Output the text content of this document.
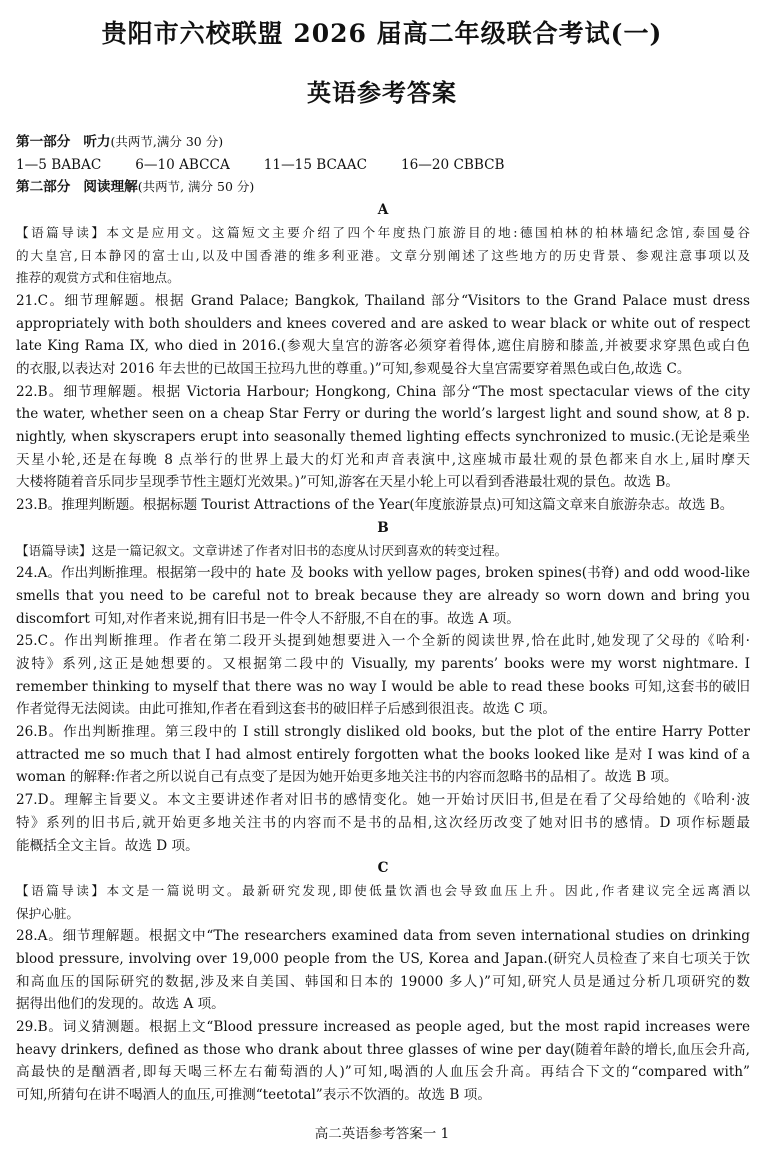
贵阳市六校联盟 2026 届高二年级联合考试(一)
英语参考答案
第一部分 听力(共两节,满分 30 分)
1—5 BABAC	6—10 ABCCA	11—15 BCAAC	16—20 CBBCB
第二部分 阅读理解(共两节, 满分 50 分)
A
【语篇导读】本文是应用文。这篇短文主要介绍了四个年度热门旅游目的地:德国柏林的柏林墙纪念馆,泰国曼谷
的大皇宫,日本静冈的富士山,以及中国香港的维多利亚港。文章分别阐述了这些地方的历史背景、参观注意事项以及
推荐的观赏方式和住宿地点。
21.C。细节理解题。根据 Grand Palace; Bangkok, Thailand 部分“Visitors to the Grand Palace must dress
appropriately with both shoulders and knees covered and are asked to wear black or white out of respect
late King Rama IX, who died in 2016.(参观大皇宫的游客必须穿着得体,遮住肩膀和膝盖,并被要求穿黑色或白色
的衣服,以表达对 2016 年去世的已故国王拉玛九世的尊重。)”可知,参观曼谷大皇宫需要穿着黑色或白色,故选 C。
22.B。细节理解题。根据 Victoria Harbour; Hongkong, China 部分“The most spectacular views of the city
the water, whether seen on a cheap Star Ferry or during the world’s largest light and sound show, at 8 p.
nightly, when skyscrapers erupt into seasonally themed lighting effects synchronized to music.(无论是乘坐
天星小轮,还是在每晚 8 点举行的世界上最大的灯光和声音表演中,这座城市最壮观的景色都来自水上,届时摩天
大楼将随着音乐同步呈现季节性主题灯光效果。)”可知,游客在天星小轮上可以看到香港最壮观的景色。故选 B。
23.B。推理判断题。根据标题 Tourist Attractions of the Year(年度旅游景点)可知这篇文章来自旅游杂志。故选 B。
B
【语篇导读】这是一篇记叙文。文章讲述了作者对旧书的态度从讨厌到喜欢的转变过程。
24.A。作出判断推理。根据第一段中的 hate 及 books with yellow pages, broken spines(书脊) and odd wood-like
smells that you need to be careful not to break because they are already so worn down and bring you
discomfort 可知,对作者来说,拥有旧书是一件令人不舒服,不自在的事。故选 A 项。
25.C。作出判断推理。作者在第二段开头提到她想要进入一个全新的阅读世界,恰在此时,她发现了父母的《哈利·
波特》系列,这正是她想要的。又根据第二段中的 Visually, my parents’ books were my worst nightmare. I
remember thinking to myself that there was no way I would be able to read these books 可知,这套书的破旧
作者觉得无法阅读。由此可推知,作者在看到这套书的破旧样子后感到很沮丧。故选 C 项。
26.B。作出判断推理。第三段中的 I still strongly disliked old books, but the plot of the entire Harry Potter
attracted me so much that I had almost entirely forgotten what the books looked like 是对 I was kind of a
woman 的解释:作者之所以说自己有点变了是因为她开始更多地关注书的内容而忽略书的品相了。故选 B 项。
27.D。理解主旨要义。本文主要讲述作者对旧书的感情变化。她一开始讨厌旧书,但是在看了父母给她的《哈利·波
特》系列的旧书后,就开始更多地关注书的内容而不是书的品相,这次经历改变了她对旧书的感情。D 项作标题最
能概括全文主旨。故选 D 项。
C
【语篇导读】本文是一篇说明文。最新研究发现,即使低量饮酒也会导致血压上升。因此,作者建议完全远离酒以
保护心脏。
28.A。细节理解题。根据文中“The researchers examined data from seven international studies on drinking
blood pressure, involving over 19,000 people from the US, Korea and Japan.(研究人员检查了来自七项关于饮
和高血压的国际研究的数据,涉及来自美国、韩国和日本的 19000 多人)”可知,研究人员是通过分析几项研究的数
据得出他们的发现的。故选 A 项。
29.B。词义猜测题。根据上文“Blood pressure increased as people aged, but the most rapid increases were
heavy drinkers, defined as those who drank about three glasses of wine per day(随着年龄的增长,血压会升高,
高最快的是酗酒者,即每天喝三杯左右葡萄酒的人)”可知,喝酒的人血压会升高。再结合下文的“compared with”
可知,所猜句在讲不喝酒人的血压,可推测“teetotal”表示不饮酒的。故选 B 项。
高二英语参考答案一 1
